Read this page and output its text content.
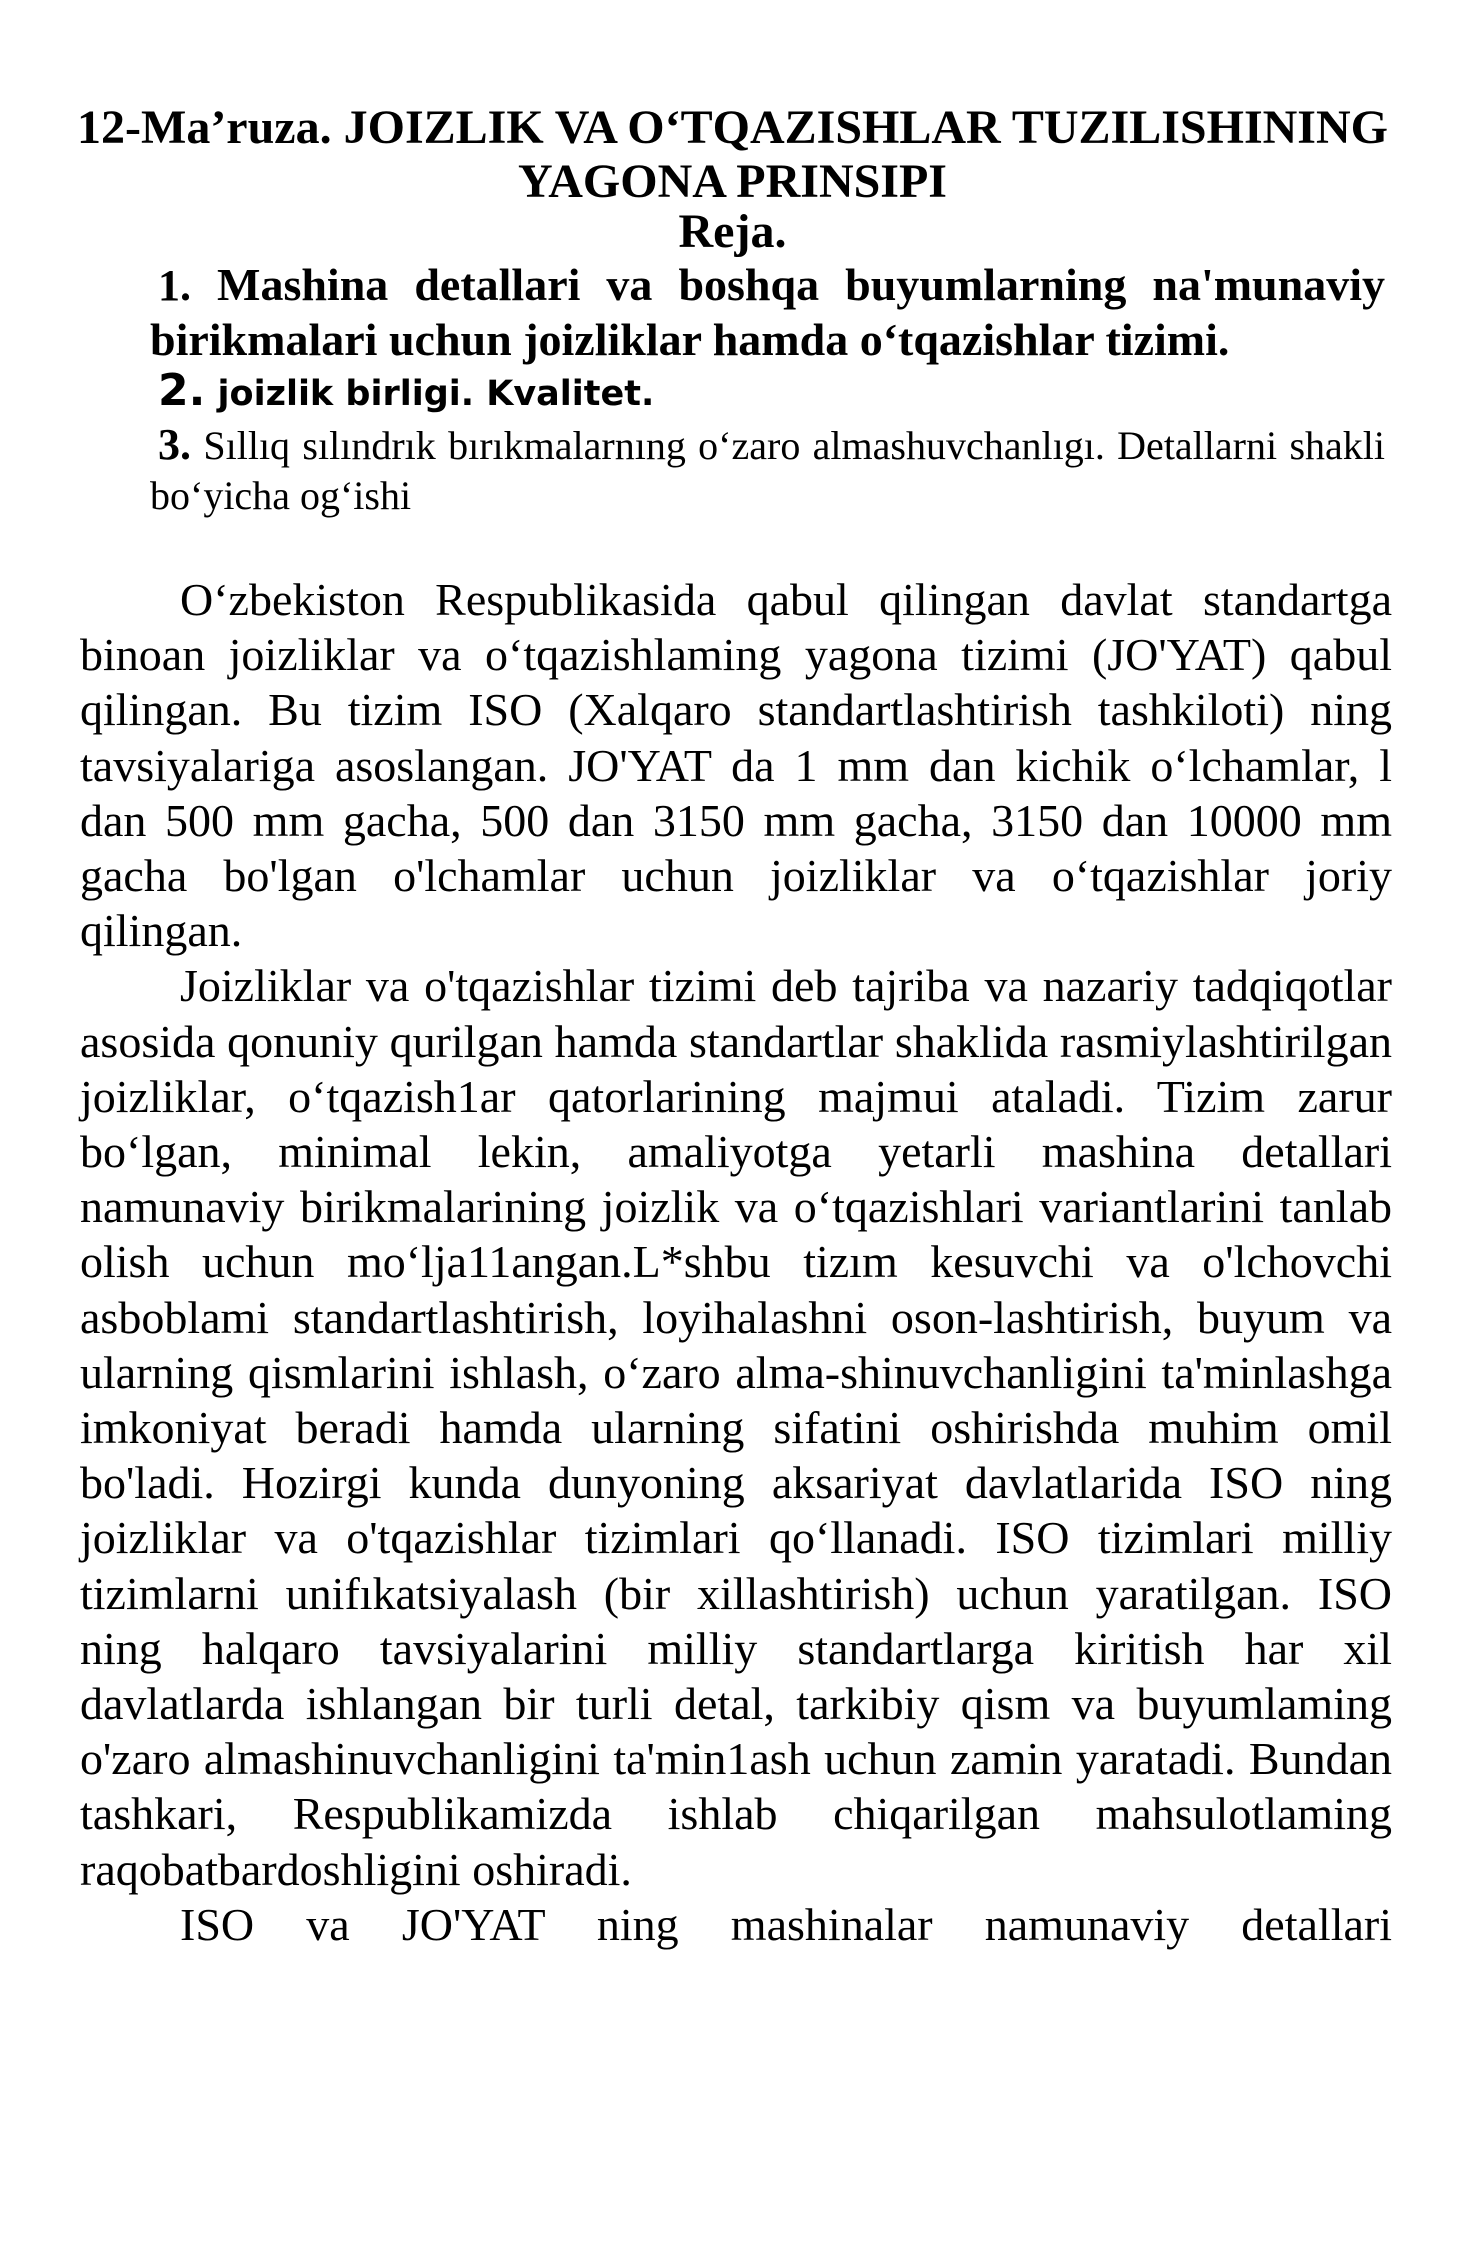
12-Ma’ruza. JOIZLIK VA O‘TQAZISHLAR TUZILISHINING
YAGONA PRINSIPI
Reja.
1. Mashina detallari va boshqa buyumlarning na'munaviy birikmalari uchun joizliklar hamda o‘tqazishlar tizimi.
2. joizlik birligi. Kvalitet.
3. Sıllıq sılındrık bırıkmalarnıng o‘zaro almashuvchanlıgı. Detallarni shakli bo‘yicha og‘ishi

O‘zbekiston Respublikasida qabul qilingan davlat standartga binoan joizliklar va o‘tqazishlaming yagona tizimi (JO'YAT) qabul qilingan. Bu tizim ISO (Xalqaro standartlashtirish tashkiloti) ning tavsiyalariga asoslangan. JO'YAT da 1 mm dan kichik o‘lchamlar, l dan 500 mm gacha, 500 dan 3150 mm gacha, 3150 dan 10000 mm gacha bo'lgan o'lchamlar uchun joizliklar va o‘tqazishlar joriy qilingan.

Joizliklar va o'tqazishlar tizimi deb tajriba va nazariy tadqiqotlar asosida qonuniy qurilgan hamda standartlar shaklida rasmiylashtirilgan joizliklar, o‘tqazish1ar qatorlarining majmui ataladi. Tizim zarur bo‘lgan, minimal lekin, amaliyotga yetarli mashina detallari namunaviy birikmalarining joizlik va o‘tqazishlari variantlarini tanlab olish uchun mo‘lja11angan.L*shbu tizım kesuvchi va o'lchovchi asboblami standartlashtirish, loyihalashni oson-lashtirish, buyum va ularning qismlarini ishlash, o‘zaro alma-shinuvchanligini ta'minlashga imkoniyat beradi hamda ularning sifatini oshirishda muhim omil bo'ladi. Hozirgi kunda dunyoning aksariyat davlatlarida ISO ning joizliklar va o'tqazishlar tizimlari qo‘llanadi. ISO tizimlari milliy tizimlarni unifıkatsiyalash (bir xillashtirish) uchun yaratilgan. ISO ning halqaro tavsiyalarini milliy standartlarga kiritish har xil davlatlarda ishlangan bir turli detal, tarkibiy qism va buyumlaming o'zaro almashinuvchanligini ta'min1ash uchun zamin yaratadi. Bundan tashkari, Respublikamizda ishlab chiqarilgan mahsulotlaming raqobatbardoshligini oshiradi.

ISO va JO'YAT ning mashinalar namunaviy detallari
